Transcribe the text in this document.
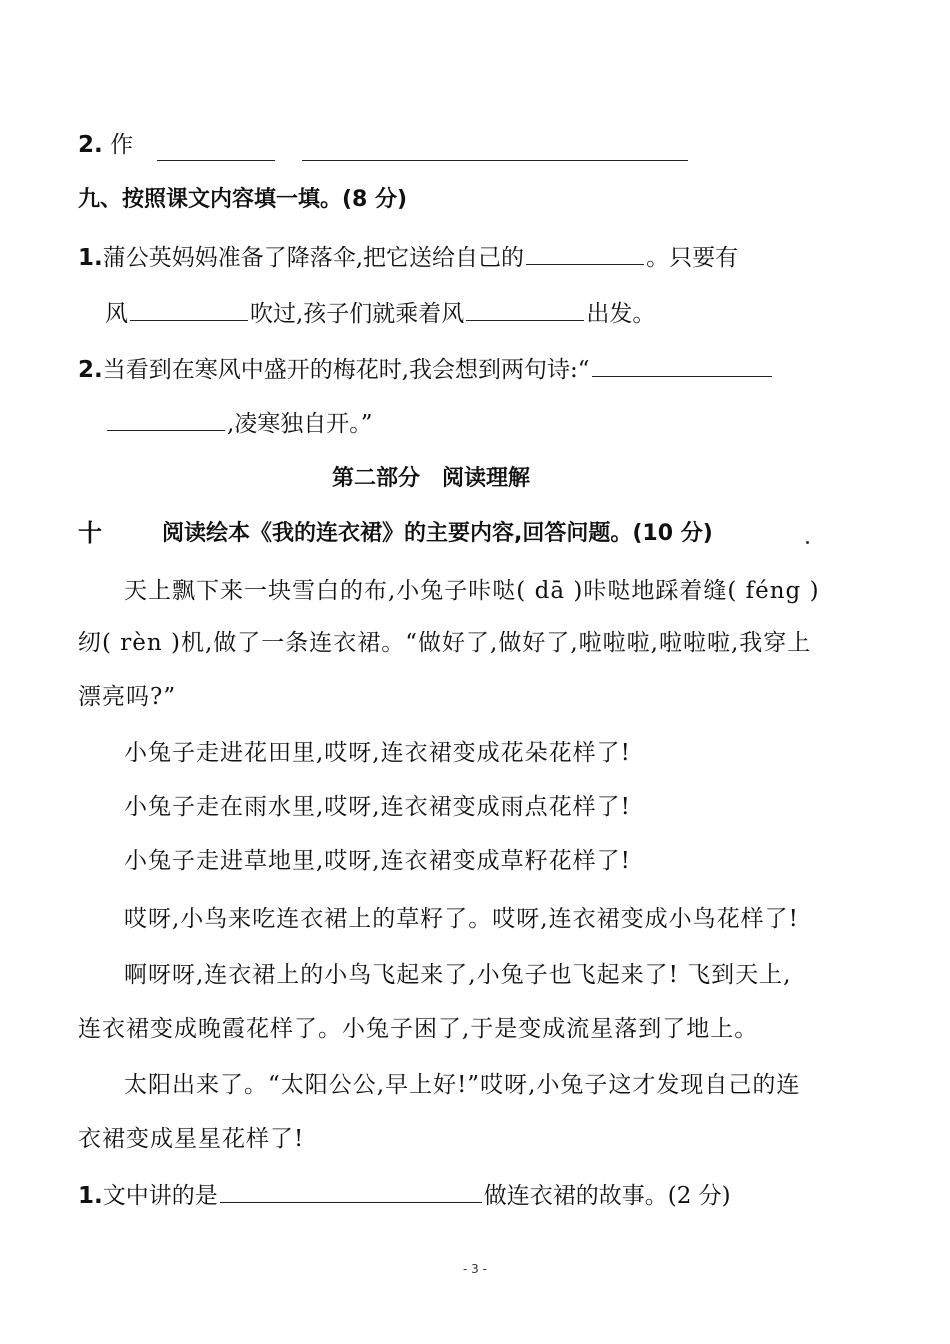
2. 作
九、按照课文内容填一填。(8 分)
1.蒲公英妈妈准备了降落伞,把它送给自己的	。只要有
风	吹过,孩子们就乘着风	出发。
2.当看到在寒风中盛开的梅花时,我会想到两句诗:“
,凌寒独自开。”
第二部分　阅读理解
十	阅读绘本《我的连衣裙》的主要内容,回答问题。(10 分)
天上飘下来一块雪白的布,小兔子咔哒( dā )咔哒地踩着缝( féng )
纫( rèn )机,做了一条连衣裙。“做好了,做好了,啦啦啦,啦啦啦,我穿上
漂亮吗?”
小兔子走进花田里,哎呀,连衣裙变成花朵花样了!
小兔子走在雨水里,哎呀,连衣裙变成雨点花样了!
小兔子走进草地里,哎呀,连衣裙变成草籽花样了!
哎呀,小鸟来吃连衣裙上的草籽了。哎呀,连衣裙变成小鸟花样了!
啊呀呀,连衣裙上的小鸟飞起来了,小兔子也飞起来了! 飞到天上,
连衣裙变成晚霞花样了。小兔子困了,于是变成流星落到了地上。
太阳出来了。“太阳公公,早上好!”哎呀,小兔子这才发现自己的连
衣裙变成星星花样了!
1.文中讲的是	做连衣裙的故事。(2 分)
- 3 -
